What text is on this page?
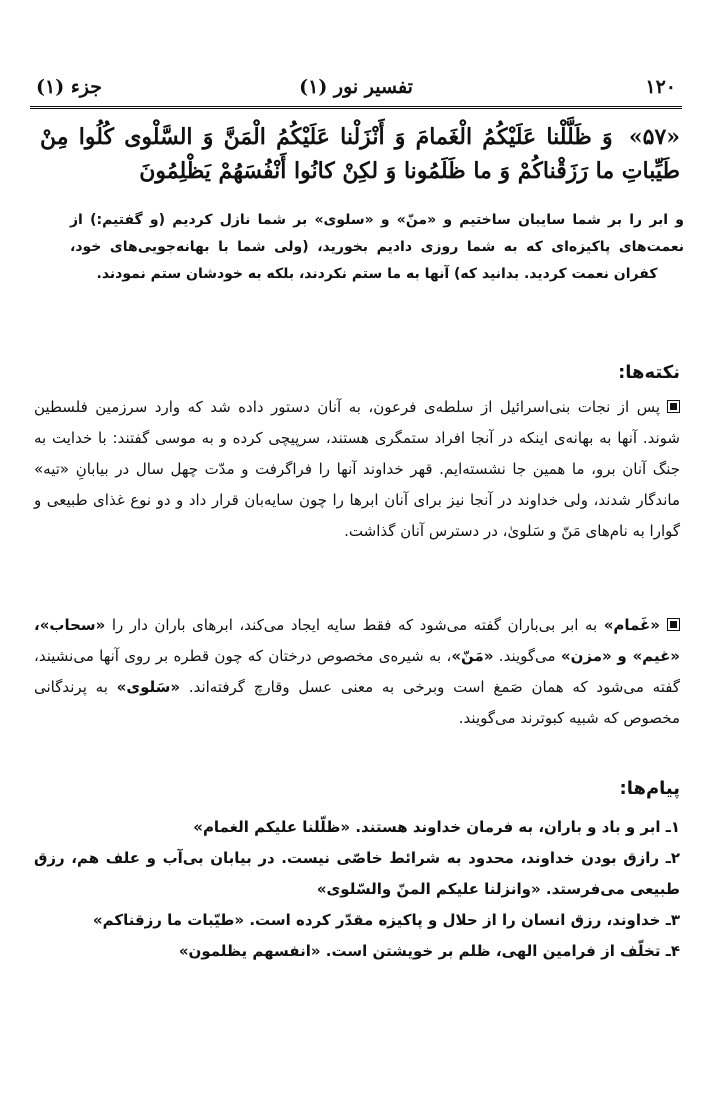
۱۲۰
تفسیر نور (۱)
جزء (۱)
«۵۷» وَ ظَلَّلْنا عَلَيْكُمُ الْغَمامَ وَ أَنْزَلْنا عَلَيْكُمُ الْمَنَّ وَ السَّلْوى‌ كُلُوا مِنْ طَيِّباتِ ما رَزَقْناكُمْ وَ ما ظَلَمُونا وَ لكِنْ كانُوا أَنْفُسَهُمْ يَظْلِمُونَ
و ابر را بر شما سایبان ساختیم و «منّ» و «سلوی» بر شما نازل کردیم (و گفتیم:) از نعمت‌های پاکیزه‌ای که به شما روزی دادیم بخورید، (ولی شما با بهانه‌جویی‌های خود، کفران نعمت کردید. بدانید که) آنها به ما ستم نکردند، بلکه به خودشان ستم نمودند.
نکته‌ها:
پس از نجات بنی‌اسرائیل از سلطه‌ی فرعون، به آنان دستور داده شد که وارد سرزمین فلسطین شوند. آنها به بهانه‌ی اینکه در آنجا افراد ستمگری هستند، سرپیچی کرده و به موسی گفتند: با خدایت به جنگ آنان برو، ما همین جا نشسته‌ایم. قهر خداوند آنها را فراگرفت و مدّت چهل سال در بیابانِ «تیه» ماندگار شدند، ولی خداوند در آنجا نیز برای آنان ابرها را چون سایه‌بان قرار داد و دو نوع غذای طبیعی و گوارا به نام‌های مَنّ و سَلویٰ، در دسترس آنان گذاشت.
«غَمام» به ابر بی‌باران گفته می‌شود که فقط سایه ایجاد می‌کند، ابرهای باران دار را «سحاب»، «غیم» و «مزن» می‌گویند. «مَنّ»، به شیره‌ی مخصوص درختان که چون قطره بر روی آنها می‌نشیند، گفته می‌شود که همان صَمغ است وبرخی به معنی عسل وقارچ گرفته‌اند. «سَلوی» به پرندگانی مخصوص که شبیه کبوترند می‌گویند.
پیام‌ها:

۱ـ ابر و باد و باران، به فرمان خداوند هستند. «ظلّلنا علیکم الغمام»

۲ـ رازق بودن خداوند، محدود به شرائط خاصّی نیست. در بیابان بی‌آب و علف هم، رزق طبیعی می‌فرستد. «وانزلنا علیکم المنّ والسّلوی»

۳ـ خداوند، رزق انسان را از حلال و پاکیزه مقدّر کرده است. «طیّبات ما رزقناکم»

۴ـ تخلّف از فرامین الهی، ظلم بر خویشتن است. «انفسهم یظلمون»
